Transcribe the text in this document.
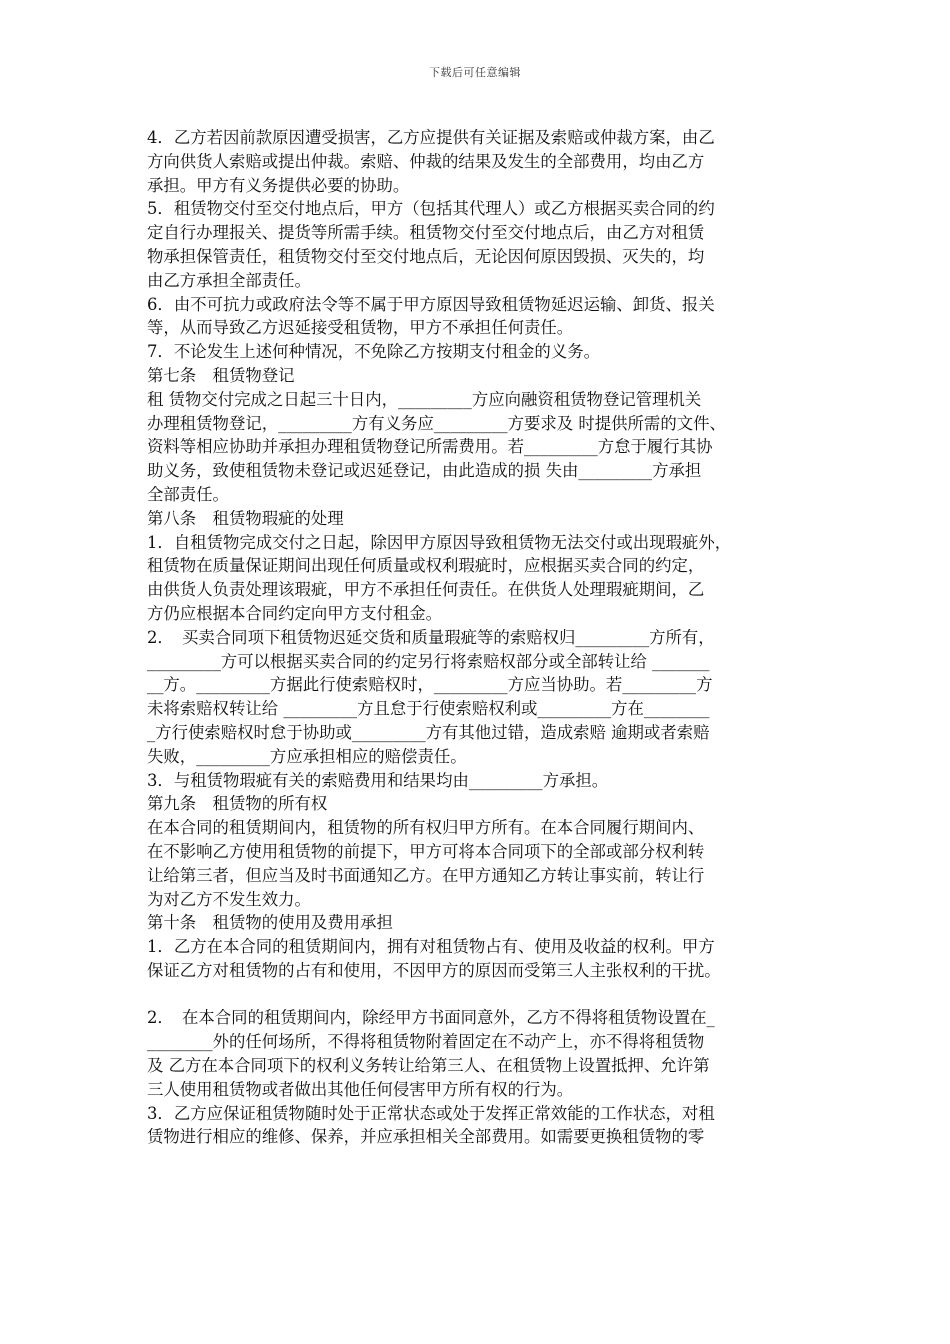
下载后可任意编辑
4．乙方若因前款原因遭受损害，乙方应提供有关证据及索赔或仲裁方案，由乙
方向供货人索赔或提出仲裁。索赔、仲裁的结果及发生的全部费用，均由乙方
承担。甲方有义务提供必要的协助。
5．租赁物交付至交付地点后，甲方（包括其代理人）或乙方根据买卖合同的约
定自行办理报关、提货等所需手续。租赁物交付至交付地点后，由乙方对租赁
物承担保管责任，租赁物交付至交付地点后，无论因何原因毁损、灭失的，均
由乙方承担全部责任。
6．由不可抗力或政府法令等不属于甲方原因导致租赁物延迟运输、卸货、报关
等，从而导致乙方迟延接受租赁物，甲方不承担任何责任。
7．不论发生上述何种情况，不免除乙方按期支付租金的义务。
第七条　租赁物登记
租 赁物交付完成之日起三十日内，_________方应向融资租赁物登记管理机关
办理租赁物登记，_________方有义务应_________方要求及 时提供所需的文件、
资料等相应协助并承担办理租赁物登记所需费用。若_________方怠于履行其协
助义务，致使租赁物未登记或迟延登记，由此造成的损 失由_________方承担
全部责任。
第八条　租赁物瑕疵的处理
1．自租赁物完成交付之日起，除因甲方原因导致租赁物无法交付或出现瑕疵外，
租赁物在质量保证期间出现任何质量或权利瑕疵时，应根据买卖合同的约定，
由供货人负责处理该瑕疵，甲方不承担任何责任。在供货人处理瑕疵期间，乙
方仍应根据本合同约定向甲方支付租金。
2．　买卖合同项下租赁物迟延交货和质量瑕疵等的索赔权归_________方所有，
_________方可以根据买卖合同的约定另行将索赔权部分或全部转让给 _______
__方。_________方据此行使索赔权时，_________方应当协助。若_________方
未将索赔权转让给 _________方且怠于行使索赔权利或_________方在________
_方行使索赔权时怠于协助或_________方有其他过错，造成索赔 逾期或者索赔
失败，_________方应承担相应的赔偿责任。
3．与租赁物瑕疵有关的索赔费用和结果均由_________方承担。
第九条　租赁物的所有权
在本合同的租赁期间内，租赁物的所有权归甲方所有。在本合同履行期间内、
在不影响乙方使用租赁物的前提下，甲方可将本合同项下的全部或部分权利转
让给第三者，但应当及时书面通知乙方。在甲方通知乙方转让事实前，转让行
为对乙方不发生效力。
第十条　租赁物的使用及费用承担
1．乙方在本合同的租赁期间内，拥有对租赁物占有、使用及收益的权利。甲方
保证乙方对租赁物的占有和使用，不因甲方的原因而受第三人主张权利的干扰。
2．　在本合同的租赁期间内，除经甲方书面同意外，乙方不得将租赁物设置在_
________外的任何场所，不得将租赁物附着固定在不动产上，亦不得将租赁物
及 乙方在本合同项下的权利义务转让给第三人、在租赁物上设置抵押、允许第
三人使用租赁物或者做出其他任何侵害甲方所有权的行为。
3．乙方应保证租赁物随时处于正常状态或处于发挥正常效能的工作状态，对租
赁物进行相应的维修、保养，并应承担相关全部费用。如需要更换租赁物的零
